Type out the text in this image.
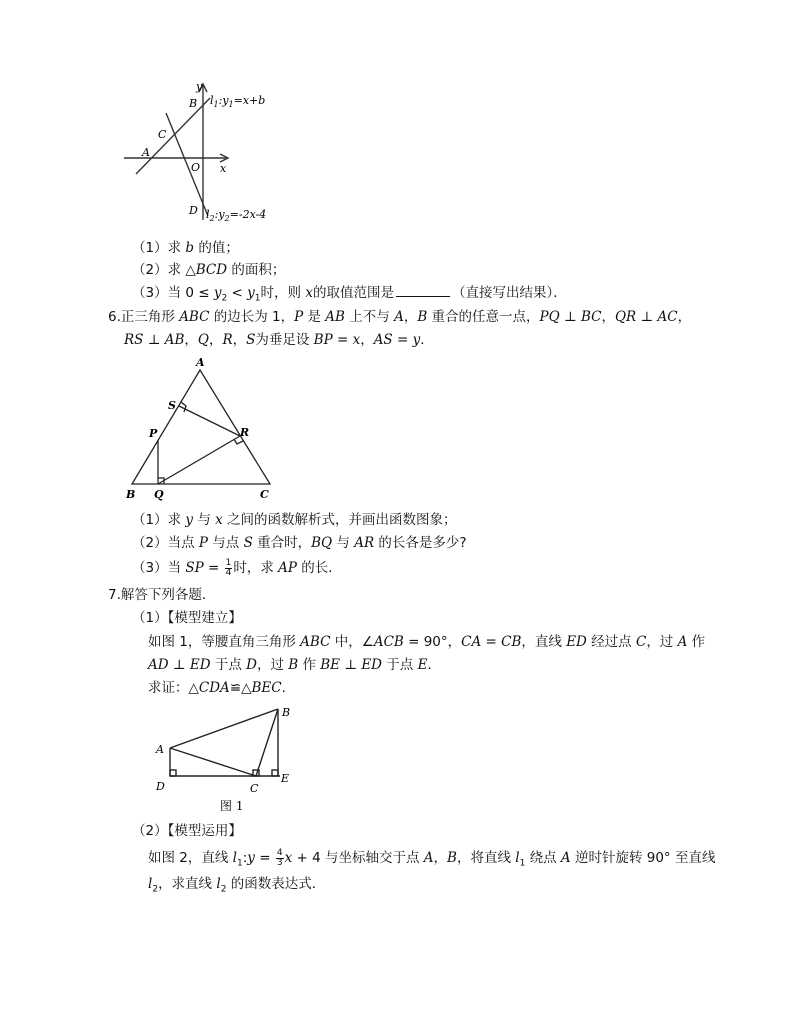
y
B
C
A
O x
D
$l_1:y_1=x+b$
$l_2:y_2=-2x-4$
（1）求 b 的值；
（2）求 △BCD 的面积；
（3）当 $0 \le y_2 < y_1$时，则 x的取值范围是	（直接写出结果）．
6.正三角形 ABC 的边长为 1，P 是 AB 上不与 A，B 重合的任意一点，PQ ⊥ BC，QR ⊥ AC，
RS ⊥ AB，Q，R，S为垂足设 BP = x，AS = y．
A
S
P	R
B Q	C
（1）求 y 与 x 之间的函数解析式，并画出函数图象；
（2）当点 P 与点 S 重合时，BQ 与 AR 的长各是多少?
（3）当 SP = $\frac{1}{4}$ 时，求 AP 的长．
7.解答下列各题．
（1）【模型建立】
如图 1，等腰直角三角形 ABC 中，∠ACB = 90°，CA = CB，直线 ED 经过点 C，过 A 作
AD ⊥ ED 于点 D，过 B 作 BE ⊥ ED 于点 E．
求证：△CDA≌△BEC．
A
B
D	C
E
图 1
（2）【模型运用】
如图 2，直线 $l_1:y = \frac{4}{3}$ x + 4 与坐标轴交于点 A，B，将直线 $l_1$ 绕点 A 逆时针旋转 90° 至直线
$l_2$，求直线 $l_2$ 的函数表达式．
